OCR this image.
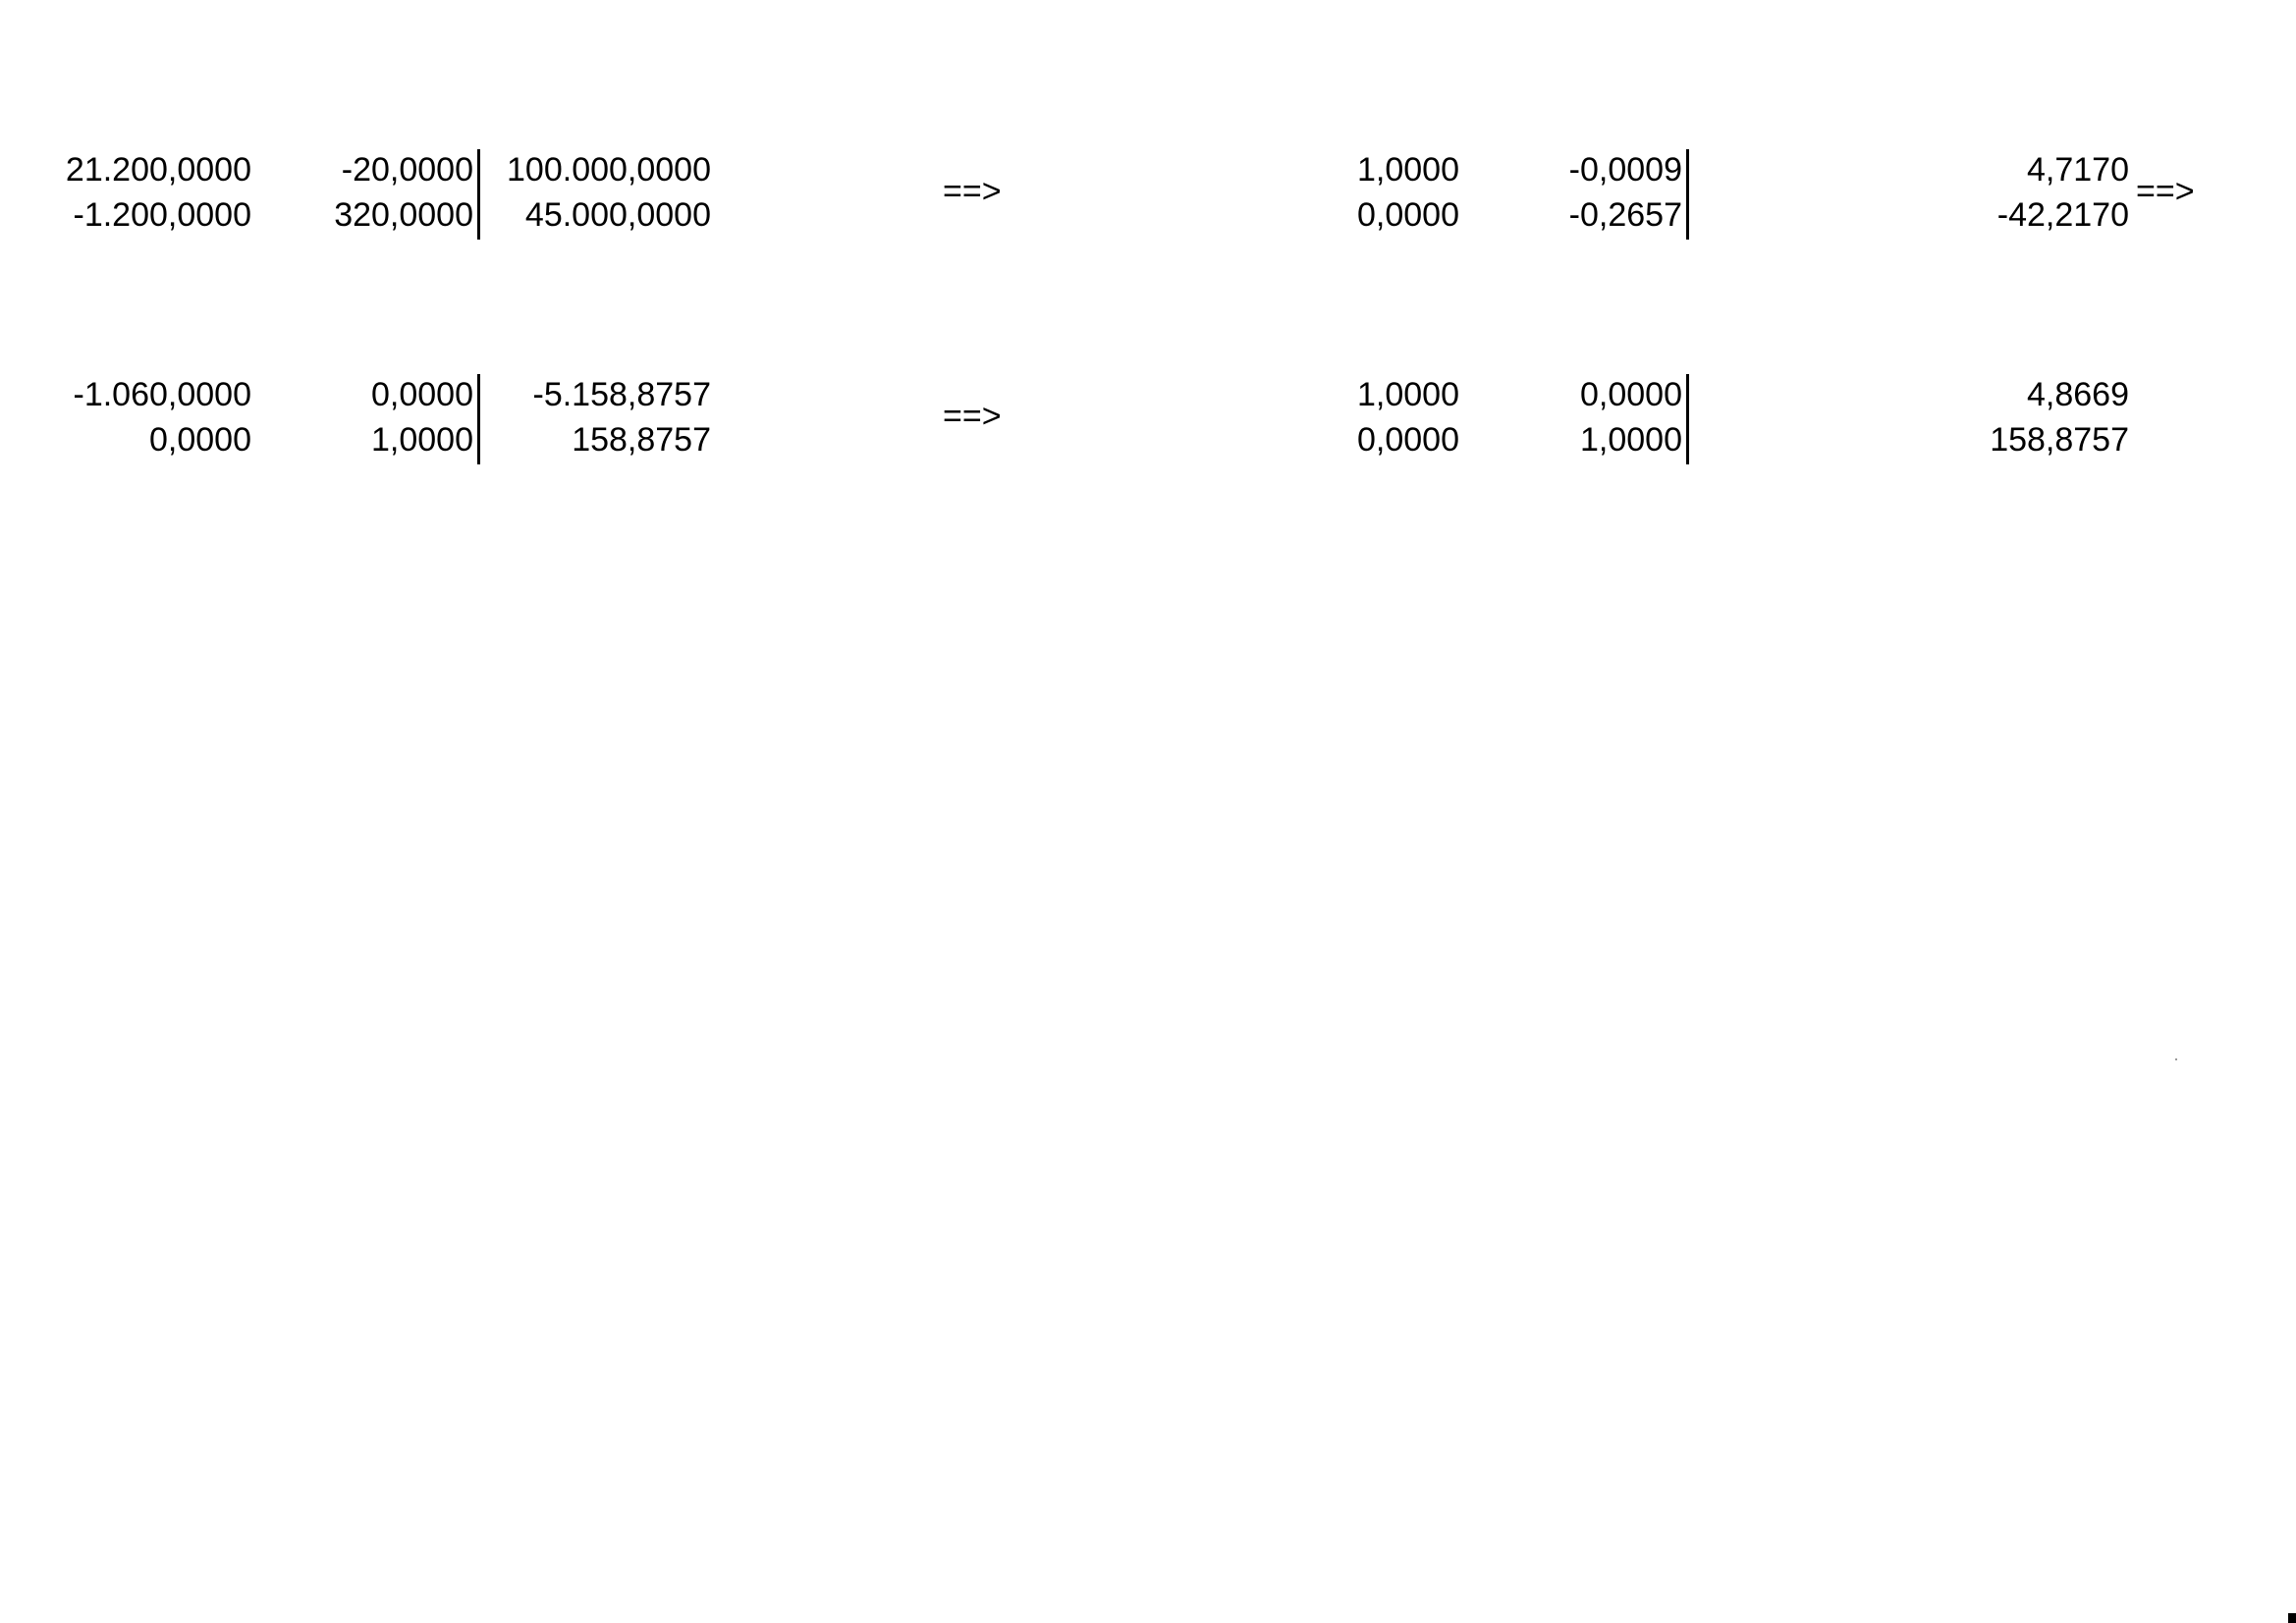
21.200,0000	-20,0000	100.000,0000
-1.200,0000	320,0000	45.000,0000
==>
1,0000	-0,0009	4,7170
0,0000	-0,2657	-42,2170
==>
-1.060,0000	0,0000	-5.158,8757
0,0000	1,0000	158,8757
==>
1,0000	0,0000	4,8669
0,0000	1,0000	158,8757
